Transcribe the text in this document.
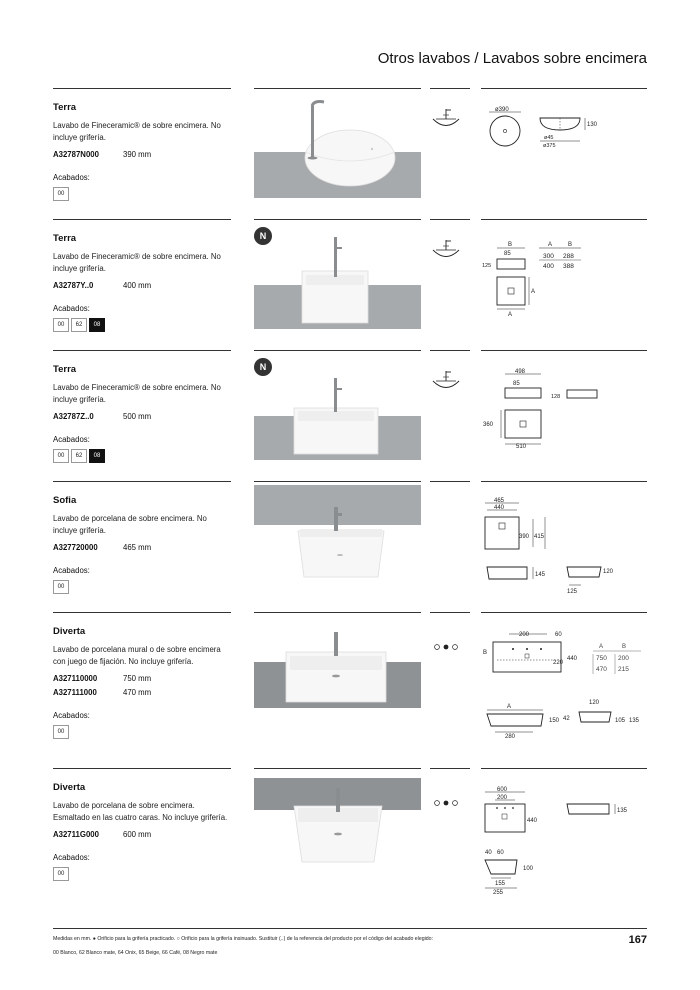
Otros lavabos / Lavabos sobre encimera
Terra
Lavabo de Fineceramic® de sobre encimera. No incluye grifería.
A32787N000	390 mm
Acabados:
00
ø390
130
ø45
ø375
Terra
Lavabo de Fineceramic® de sobre encimera. No incluye grifería.
A32787Y..0	400 mm
Acabados:
00	62	08
N
B
85
125
A	B
300 288
400 388
A
A
Terra
Lavabo de Fineceramic® de sobre encimera. No incluye grifería.
A32787Z..0	500 mm
Acabados:
00	62	08
N	498
85
128
360
510
Sofia
Lavabo de porcelana de sobre encimera. No incluye grifería.
A327720000	465 mm
Acabados:
00
465
440
390 415
145	120
125
Diverta
Lavabo de porcelana mural o de sobre encimera con juego de fijación. No incluye grifería.
A327110000	750 mm
A327111000	470 mm
Acabados:
00
200	60
B
440
220
A	B
750 200
470 215
A
150
280
120
42	105 135
Diverta
Lavabo de porcelana de sobre encimera. Esmaltado en las cuatro caras. No incluye grifería.
A32711G000	600 mm
Acabados:
00
600
200
440
135
40 60
100
155
255
Medidas en mm. ● Orificio para la grifería practicado. ○ Orificio para la grifería insinuado. Sustituir (..) de la referencia del producto por el código del acabado elegido:
00 Blanco, 62 Blanco mate, 64 Onix, 65 Beige, 66 Café, 08 Negro mate
167
